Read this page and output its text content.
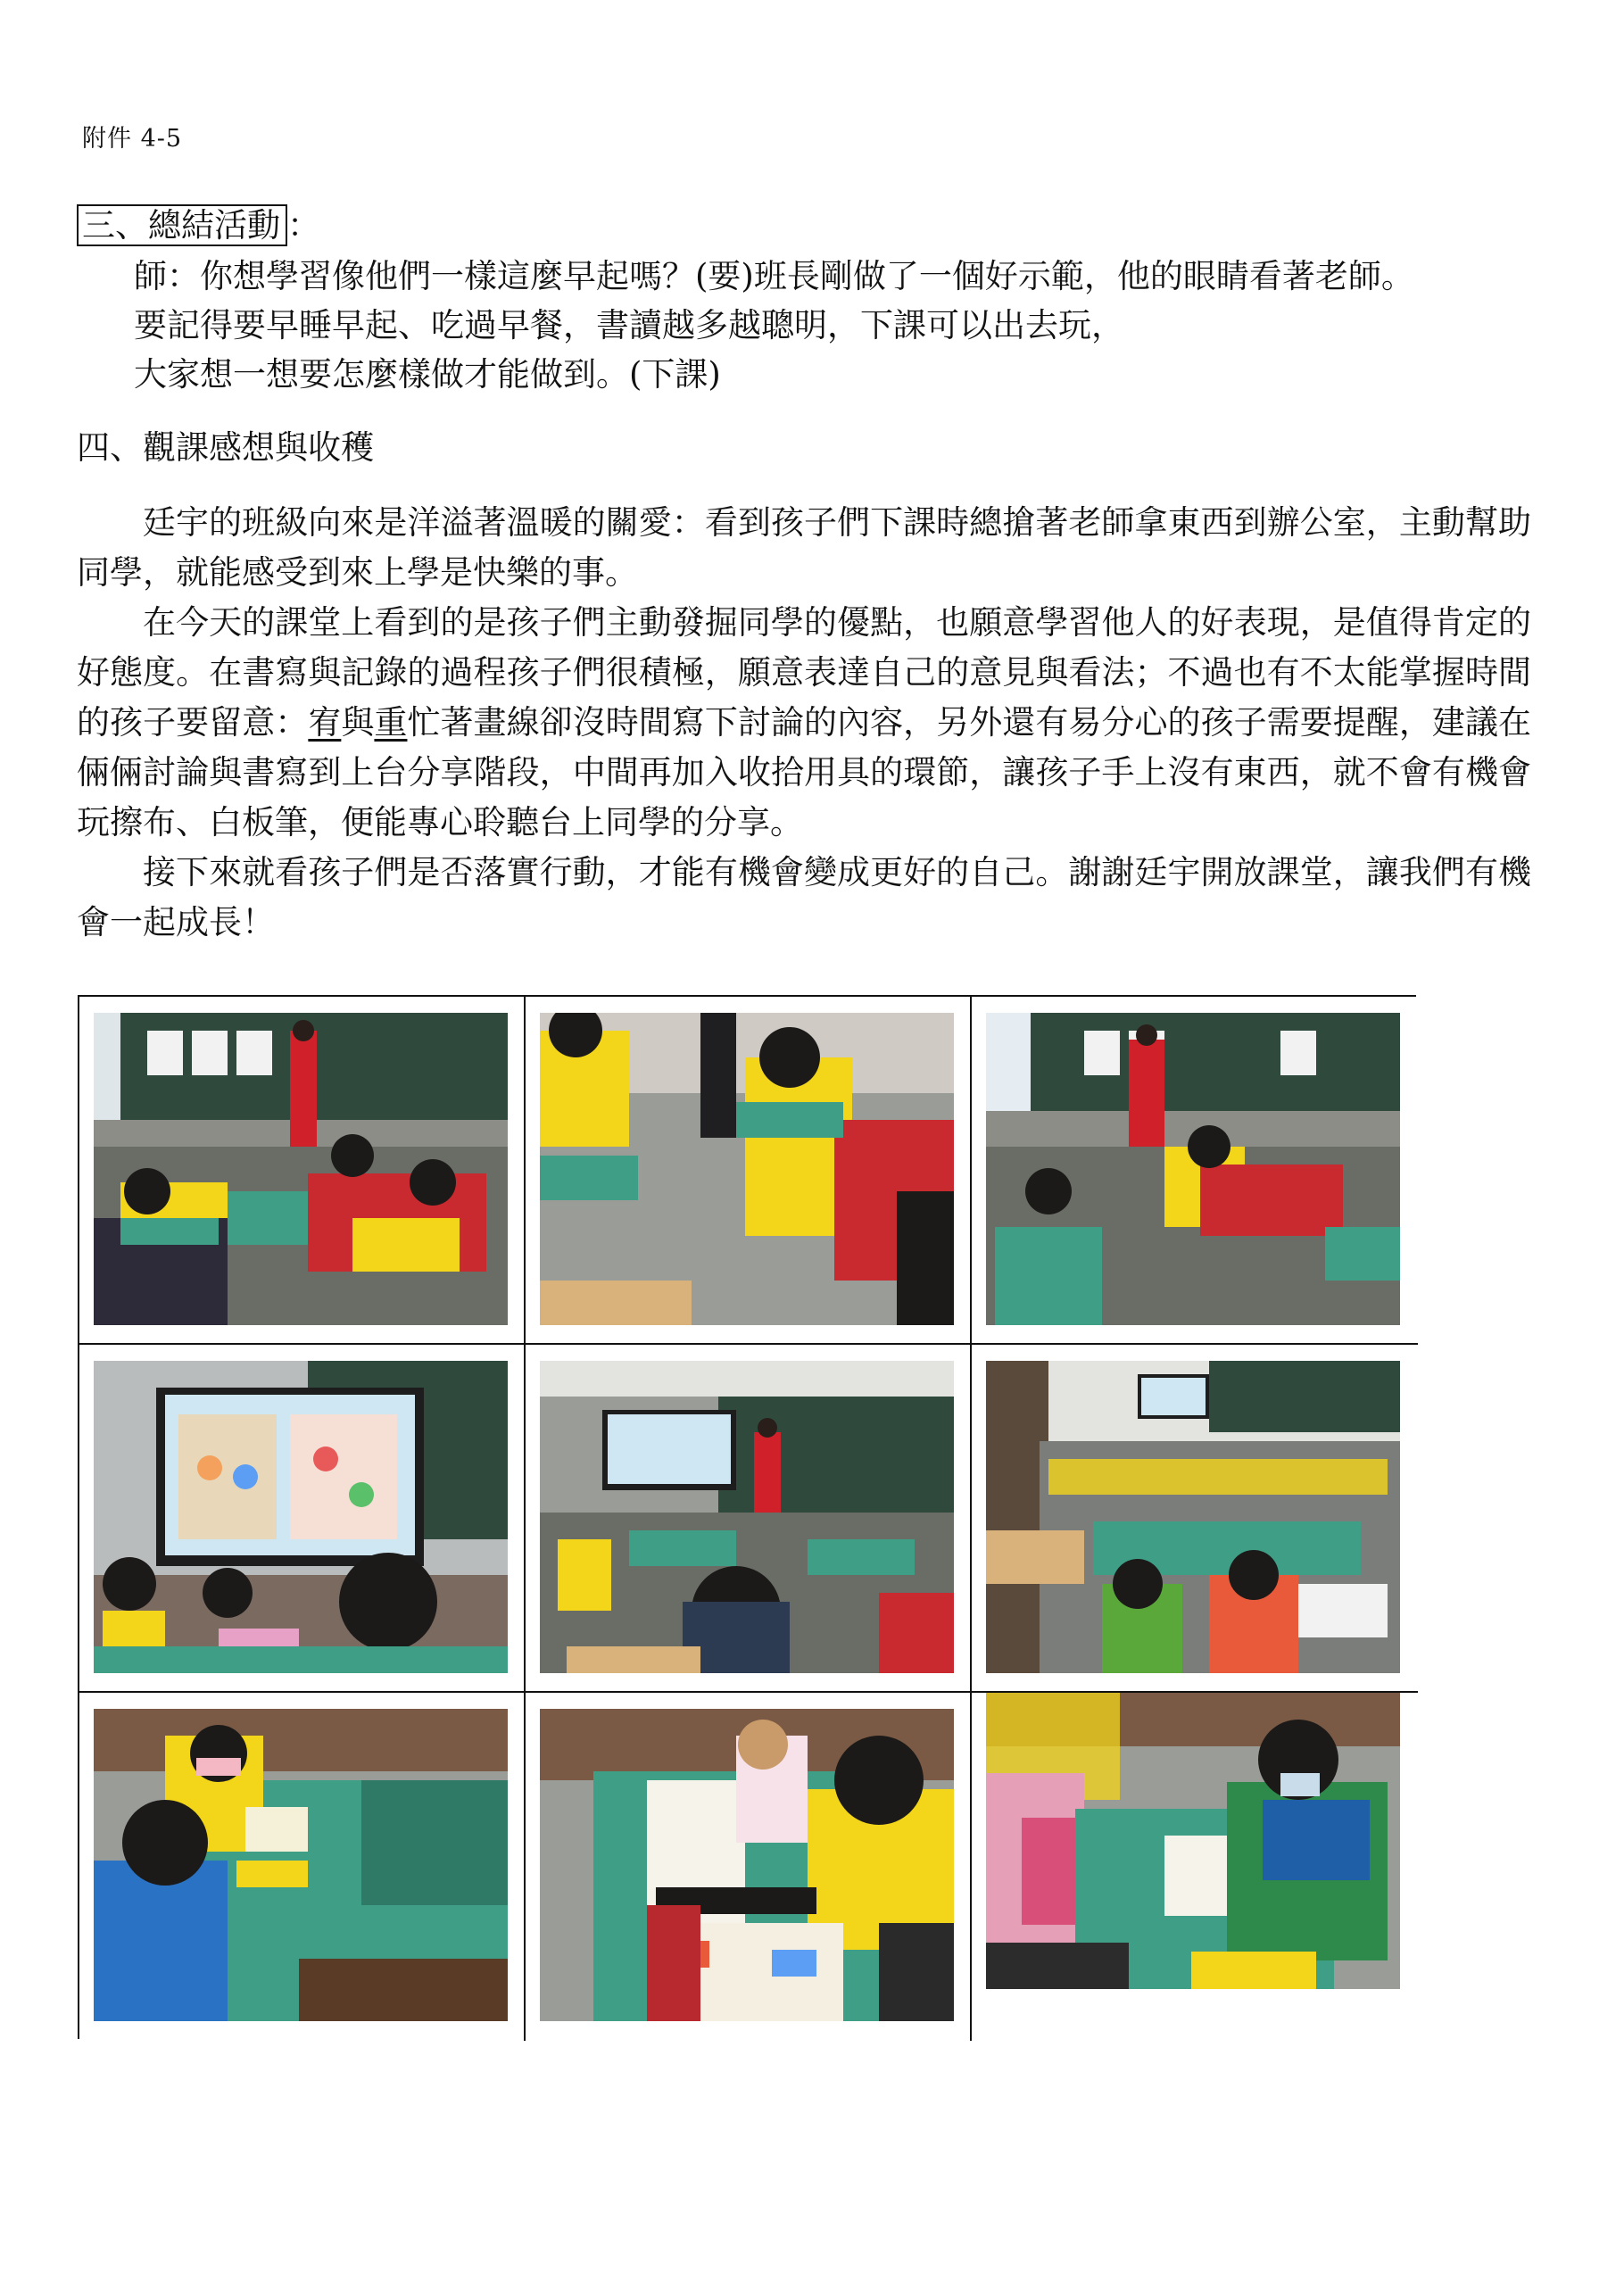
附件 4-5
三、總結活動 ：
師：你想學習像他們一樣這麼早起嗎？(要)班長剛做了一個好示範，他的眼睛看著老師。
要記得要早睡早起、吃過早餐，書讀越多越聰明，下課可以出去玩，
大家想一想要怎麼樣做才能做到。(下課)
四、觀課感想與收穫

廷宇的班級向來是洋溢著溫暖的關愛：看到孩子們下課時總搶著老師拿東西到辦公室，主動幫助同學，就能感受到來上學是快樂的事。

在今天的課堂上看到的是孩子們主動發掘同學的優點，也願意學習他人的好表現，是值得肯定的好態度。在書寫與記錄的過程孩子們很積極，願意表達自己的意見與看法；不過也有不太能掌握時間的孩子要留意：宥與重忙著畫線卻沒時間寫下討論的內容，另外還有易分心的孩子需要提醒，建議在倆倆討論與書寫到上台分享階段，中間再加入收拾用具的環節，讓孩子手上沒有東西，就不會有機會玩擦布、白板筆，便能專心聆聽台上同學的分享。

接下來就看孩子們是否落實行動，才能有機會變成更好的自己。謝謝廷宇開放課堂，讓我們有機會一起成長！
